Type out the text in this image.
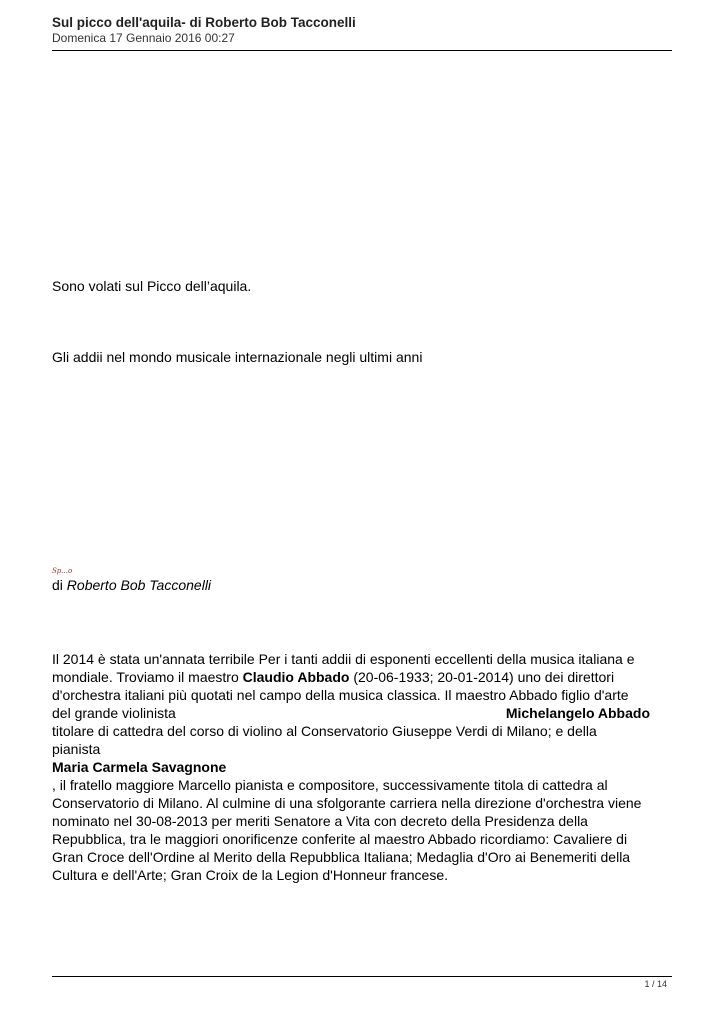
Sul picco dell'aquila- di Roberto Bob Tacconelli
Domenica 17 Gennaio 2016 00:27
Sono volati sul Picco dell’aquila.
Gli addii nel mondo musicale internazionale negli ultimi anni
Sp...o
di Roberto Bob Tacconelli
Il 2014 è stata un'annata terribile Per i tanti addii di esponenti eccellenti della musica italiana e
mondiale. Troviamo il maestro Claudio Abbado (20-06-1933; 20-01-2014) uno dei direttori
d'orchestra italiani più quotati nel campo della musica classica. Il maestro Abbado figlio d'arte
del grande violinista	Michelangelo Abbado
titolare di cattedra del corso di violino al Conservatorio Giuseppe Verdi di Milano; e della
pianista
Maria Carmela Savagnone
, il fratello maggiore Marcello pianista e compositore, successivamente titola di cattedra al
Conservatorio di Milano. Al culmine di una sfolgorante carriera nella direzione d'orchestra viene
nominato nel 30-08-2013 per meriti Senatore a Vita con decreto della Presidenza della
Repubblica, tra le maggiori onorificenze conferite al maestro Abbado ricordiamo: Cavaliere di
Gran Croce dell'Ordine al Merito della Repubblica Italiana; Medaglia d'Oro ai Benemeriti della
Cultura e dell'Arte; Gran Croix de la Legion d'Honneur francese.
1 / 14
